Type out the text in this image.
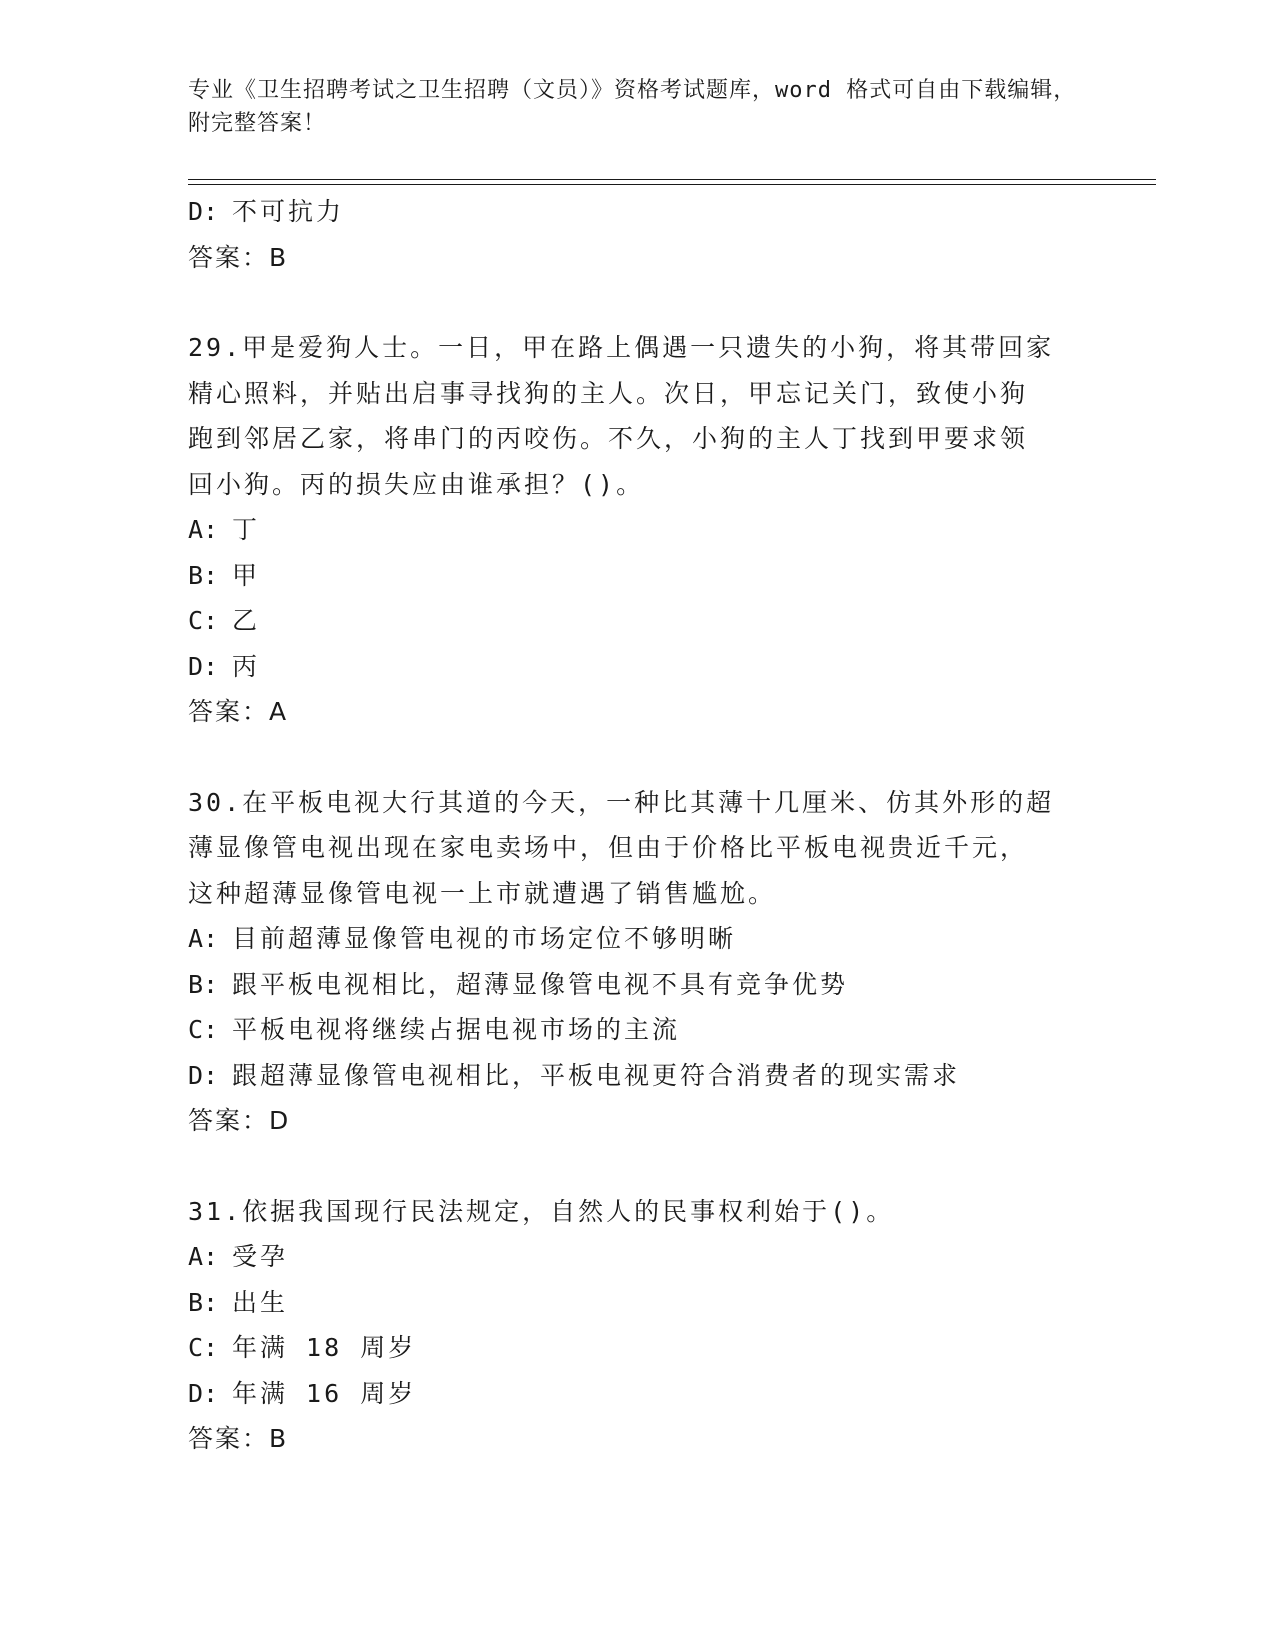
专业《卫生招聘考试之卫生招聘（文员）》资格考试题库，word 格式可自由下载编辑，附完整答案！
D: 不可抗力
答案：B
29.甲是爱狗人士。一日，甲在路上偶遇一只遗失的小狗，将其带回家
精心照料，并贴出启事寻找狗的主人。次日，甲忘记关门，致使小狗
跑到邻居乙家，将串门的丙咬伤。不久，小狗的主人丁找到甲要求领
回小狗。丙的损失应由谁承担？()。
A: 丁
B: 甲
C: 乙
D: 丙
答案：A
30.在平板电视大行其道的今天，一种比其薄十几厘米、仿其外形的超
薄显像管电视出现在家电卖场中，但由于价格比平板电视贵近千元，
这种超薄显像管电视一上市就遭遇了销售尴尬。
A: 目前超薄显像管电视的市场定位不够明晰
B: 跟平板电视相比，超薄显像管电视不具有竞争优势
C: 平板电视将继续占据电视市场的主流
D: 跟超薄显像管电视相比，平板电视更符合消费者的现实需求
答案：D
31.依据我国现行民法规定，自然人的民事权利始于()。
A: 受孕
B: 出生
C: 年满 18 周岁
D: 年满 16 周岁
答案：B
